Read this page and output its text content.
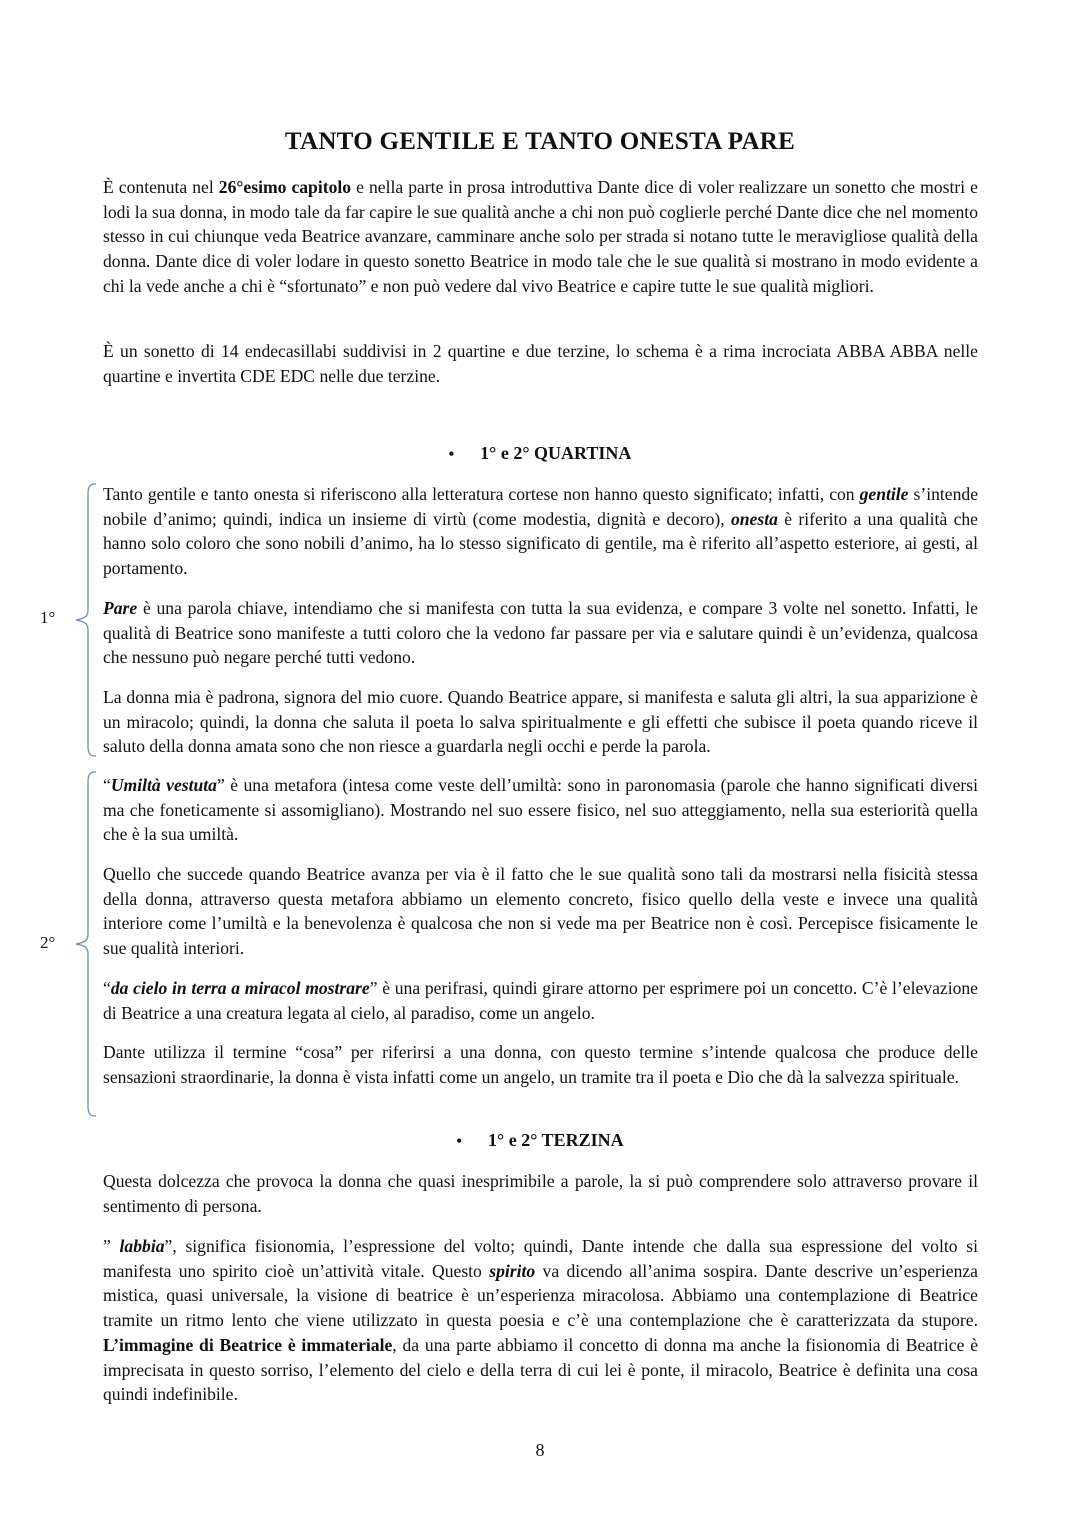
TANTO GENTILE E TANTO ONESTA PARE

È contenuta nel 26°esimo capitolo e nella parte in prosa introduttiva Dante dice di voler realizzare un sonetto che mostri e lodi la sua donna, in modo tale da far capire le sue qualità anche a chi non può coglierle perché Dante dice che nel momento stesso in cui chiunque veda Beatrice avanzare, camminare anche solo per strada si notano tutte le meravigliose qualità della donna. Dante dice di voler lodare in questo sonetto Beatrice in modo tale che le sue qualità si mostrano in modo evidente a chi la vede anche a chi è “sfortunato” e non può vedere dal vivo Beatrice e capire tutte le sue qualità migliori.

È un sonetto di 14 endecasillabi suddivisi in 2 quartine e due terzine, lo schema è a rima incrociata ABBA ABBA nelle quartine e invertita CDE EDC nelle due terzine.

• 1° e 2° QUARTINA
1°
2°

Tanto gentile e tanto onesta si riferiscono alla letteratura cortese non hanno questo significato; infatti, con gentile s’intende nobile d’animo; quindi, indica un insieme di virtù (come modestia, dignità e decoro), onesta è riferito a una qualità che hanno solo coloro che sono nobili d’animo, ha lo stesso significato di gentile, ma è riferito all’aspetto esteriore, ai gesti, al portamento.

Pare è una parola chiave, intendiamo che si manifesta con tutta la sua evidenza, e compare 3 volte nel sonetto. Infatti, le qualità di Beatrice sono manifeste a tutti coloro che la vedono far passare per via e salutare quindi è un’evidenza, qualcosa che nessuno può negare perché tutti vedono.

La donna mia è padrona, signora del mio cuore. Quando Beatrice appare, si manifesta e saluta gli altri, la sua apparizione è un miracolo; quindi, la donna che saluta il poeta lo salva spiritualmente e gli effetti che subisce il poeta quando riceve il saluto della donna amata sono che non riesce a guardarla negli occhi e perde la parola.

“Umiltà vestuta” è una metafora (intesa come veste dell’umiltà: sono in paronomasia (parole che hanno significati diversi ma che foneticamente si assomigliano). Mostrando nel suo essere fisico, nel suo atteggiamento, nella sua esteriorità quella che è la sua umiltà.

Quello che succede quando Beatrice avanza per via è il fatto che le sue qualità sono tali da mostrarsi nella fisicità stessa della donna, attraverso questa metafora abbiamo un elemento concreto, fisico quello della veste e invece una qualità interiore come l’umiltà e la benevolenza è qualcosa che non si vede ma per Beatrice non è così. Percepisce fisicamente le sue qualità interiori.

“da cielo in terra a miracol mostrare” è una perifrasi, quindi girare attorno per esprimere poi un concetto. C’è l’elevazione di Beatrice a una creatura legata al cielo, al paradiso, come un angelo.

Dante utilizza il termine “cosa” per riferirsi a una donna, con questo termine s’intende qualcosa che produce delle sensazioni straordinarie, la donna è vista infatti come un angelo, un tramite tra il poeta e Dio che dà la salvezza spirituale.

• 1° e 2° TERZINA

Questa dolcezza che provoca la donna che quasi inesprimibile a parole, la si può comprendere solo attraverso provare il sentimento di persona.

” labbia”, significa fisionomia, l’espressione del volto; quindi, Dante intende che dalla sua espressione del volto si manifesta uno spirito cioè un’attività vitale. Questo spirito va dicendo all’anima sospira. Dante descrive un’esperienza mistica, quasi universale, la visione di beatrice è un’esperienza miracolosa. Abbiamo una contemplazione di Beatrice tramite un ritmo lento che viene utilizzato in questa poesia e c’è una contemplazione che è caratterizzata da stupore. L’immagine di Beatrice è immateriale, da una parte abbiamo il concetto di donna ma anche la fisionomia di Beatrice è imprecisata in questo sorriso, l’elemento del cielo e della terra di cui lei è ponte, il miracolo, Beatrice è definita una cosa quindi indefinibile.

8
